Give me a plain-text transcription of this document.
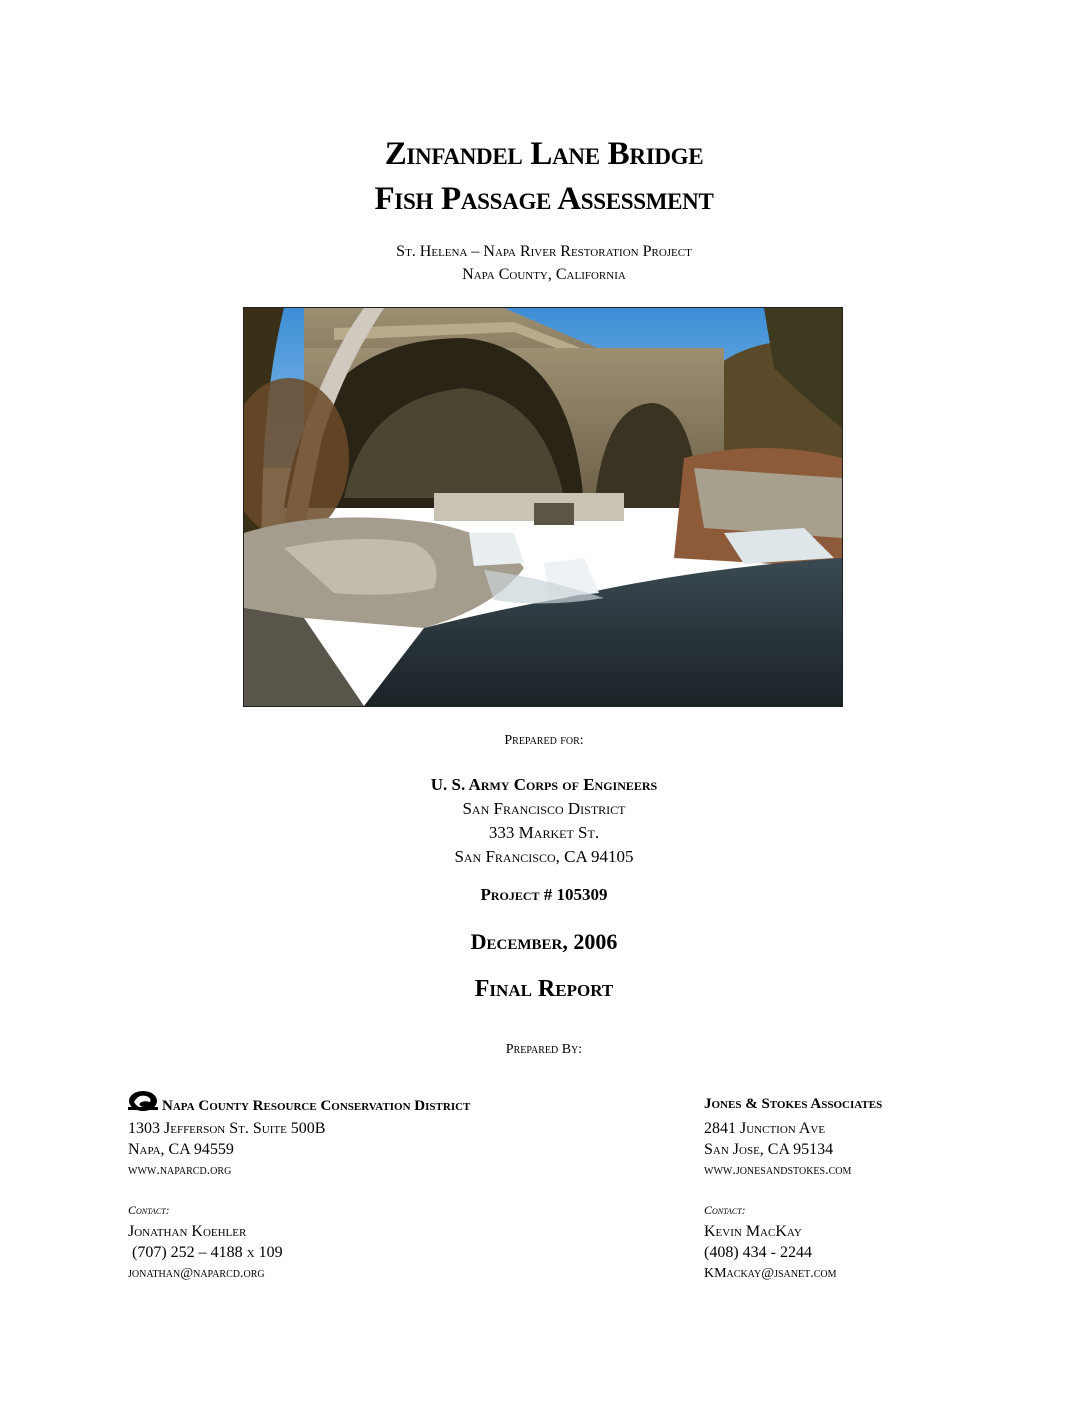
Zinfandel Lane Bridge
Fish Passage Assessment
St. Helena – Napa River Restoration Project
Napa County, California
Prepared for:
U. S. Army Corps of Engineers
San Francisco District
333 Market St.
San Francisco, CA 94105
Project # 105309
December, 2006
Final Report
Prepared By:
Napa County Resource Conservation District
1303 Jefferson St. Suite 500B
Napa, CA 94559
www.naparcd.org
Contact:
Jonathan Koehler
(707) 252 – 4188 x 109
jonathan@naparcd.org
Jones & Stokes Associates
2841 Junction Ave
San Jose, CA 95134
www.jonesandstokes.com
Contact:
Kevin MacKay
(408) 434 - 2244
KMackay@jsanet.com
